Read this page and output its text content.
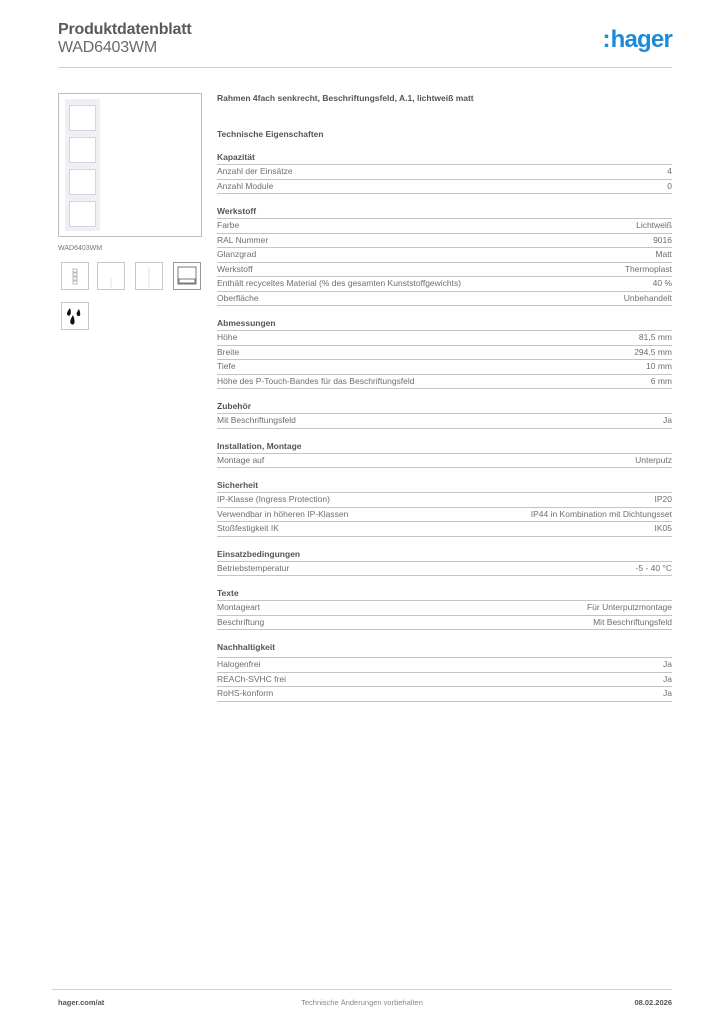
Produktdatenblatt
WAD6403WM	:hager
WAD6403WM
Rahmen 4fach senkrecht, Beschriftungsfeld, A.1, lichtweiß matt
Technische Eigenschaften
Kapazität
Anzahl der Einsätze	4
Anzahl Module	0
Werkstoff
Farbe	Lichtweiß
RAL Nummer	9016
Glanzgrad	Matt
Werkstoff	Thermoplast
Enthält recyceltes Material (% des gesamten Kunststoffgewichts)	40 %
Oberfläche	Unbehandelt
Abmessungen
Höhe	81,5 mm
Breite	294,5 mm
Tiefe	10 mm
Höhe des P-Touch-Bandes für das Beschriftungsfeld	6 mm
Zubehör
Mit Beschriftungsfeld	Ja
Installation, Montage
Montage auf	Unterputz
Sicherheit
IP-Klasse (Ingress Protection)	IP20
Verwendbar in höheren IP-Klassen	IP44 in Kombination mit Dichtungsset
Stoßfestigkeit IK	IK05
Einsatzbedingungen
Betriebstemperatur	-5 - 40 °C
Texte
Montageart	Für Unterputzmontage
Beschriftung	Mit Beschriftungsfeld
Nachhaltigkeit
Halogenfrei	Ja
REACh-SVHC frei	Ja
RoHS-konform	Ja
hager.com/at	Technische Änderungen vorbehalten	08.02.2026
